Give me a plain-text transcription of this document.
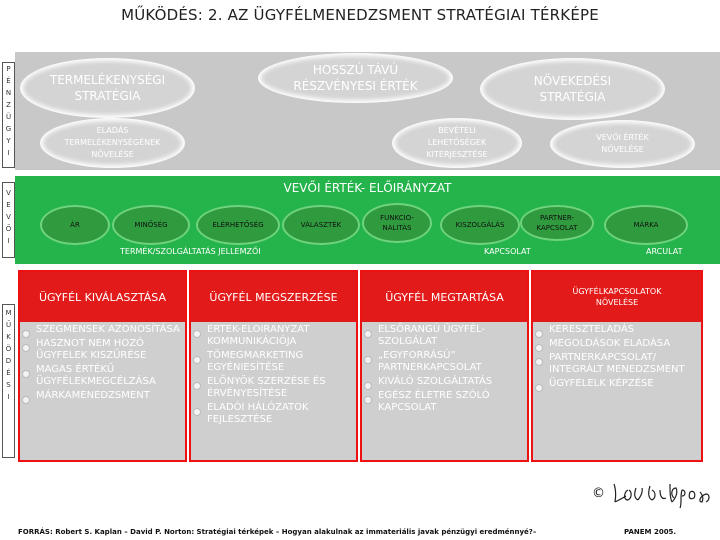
MŰKÖDÉS: 2. AZ ÜGYFÉLMENEDZSMENT STRATÉGIAI TÉRKÉPE
P
É
N
Z
Ü
G
Y
I
V
E
V
Ő
I
M
Ű
K
Ö
D
É
S
I
TERMELÉKENYSÉGI STRATÉGIA
HOSSZÚ TÁVÚ RÉSZVÉNYESI ÉRTÉK	NÖVEKEDÉSI STRATÉGIA
ELADÁS TERMELÉKENYSÉGÉNEK NÖVELÉSE
BEVÉTELI LEHETŐSÉGEK KITERJESZTÉSE
VEVŐI ÉRTÉK NÖVELÉSE
VEVŐI ÉRTÉK- ELŐIRÁNYZAT
ÁR	MINŐSÉG	ELÉRHETŐSÉG	VÁLASZTÉK
FUNKCIO-NALITÁS	KISZOLGÁLÁS
PARTNER-KAPCSOLAT	MÁRKA
TERMÉK/SZOLGÁLTATÁS JELLEMZŐI	KAPCSOLAT	ARCULAT
ÜGYFÉL KIVÁLASZTÁSA
SZEGMENSEK AZONOSÍTÁSA
HASZNOT NEM HOZÓ ÜGYFELEK KISZŰRÉSE
MAGAS ÉRTÉKŰ ÜGYFÉLEKMEGCÉLZÁSA
MÁRKAMENEDZSMENT
ÜGYFÉL MEGSZERZÉSE
ERTEK-ELOIRANYZAT KOMMUNIKÁCIÓJA
TÖMEGMARKETING EGYÉNIESÍTÉSE
ELŐNYÖK SZERZÉSE ÉS ÉRVÉNYESÍTÉSE
ELADÓI HÁLÓZATOK FEJLESZTÉSE
ÜGYFÉL MEGTARTÁSA
ELSŐRANGÚ ÜGYFÉL-SZOLGÁLAT
„EGYFORRÁSÚ” PARTNERKAPCSOLAT
KIVÁLÓ SZOLGÁLTATÁS
EGÉSZ ÉLETRE SZÓLÓ KAPCSOLAT
ÜGYFÉLKAPCSOLATOK NÖVELÉSE
KERESZTELADÁS
MEGOLDÁSOK ELADÁSA
PARTNERKAPCSOLAT/ INTEGRÁLT MENEDZSMENT
ÜGYFELELK KÉPZÉSE
©
FORRÁS: Robert S. Kaplan – David P. Norton: Stratégiai térképek – Hogyan alakulnak az immateriális javak pénzügyi eredménnyé?–	PANEM 2005.
